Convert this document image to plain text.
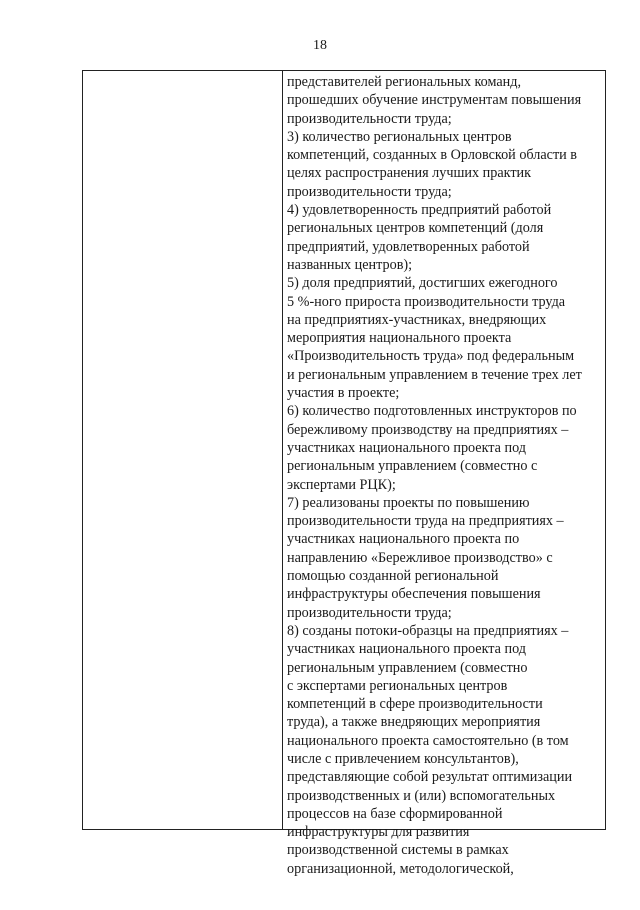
18
представителей региональных команд,
прошедших обучение инструментам повышения
производительности труда;
3) количество региональных центров
компетенций, созданных в Орловской области в
целях распространения лучших практик
производительности труда;
4) удовлетворенность предприятий работой
региональных центров компетенций (доля
предприятий, удовлетворенных работой
названных центров);
5) доля предприятий, достигших ежегодного
5 %-ного прироста производительности труда
на предприятиях-участниках, внедряющих
мероприятия национального проекта
«Производительность труда» под федеральным
и региональным управлением в течение трех лет
участия в проекте;
6) количество подготовленных инструкторов по
бережливому производству на предприятиях –
участниках национального проекта под
региональным управлением (совместно с
экспертами РЦК);
7) реализованы проекты по повышению
производительности труда на предприятиях –
участниках национального проекта по
направлению «Бережливое производство» с
помощью созданной региональной
инфраструктуры обеспечения повышения
производительности труда;
8) созданы потоки-образцы на предприятиях –
участниках национального проекта под
региональным управлением (совместно
с экспертами региональных центров
компетенций в сфере производительности
труда), а также внедряющих мероприятия
национального проекта самостоятельно (в том
числе с привлечением консультантов),
представляющие собой результат оптимизации
производственных и (или) вспомогательных
процессов на базе сформированной
инфраструктуры для развития
производственной системы в рамках
организационной, методологической,
